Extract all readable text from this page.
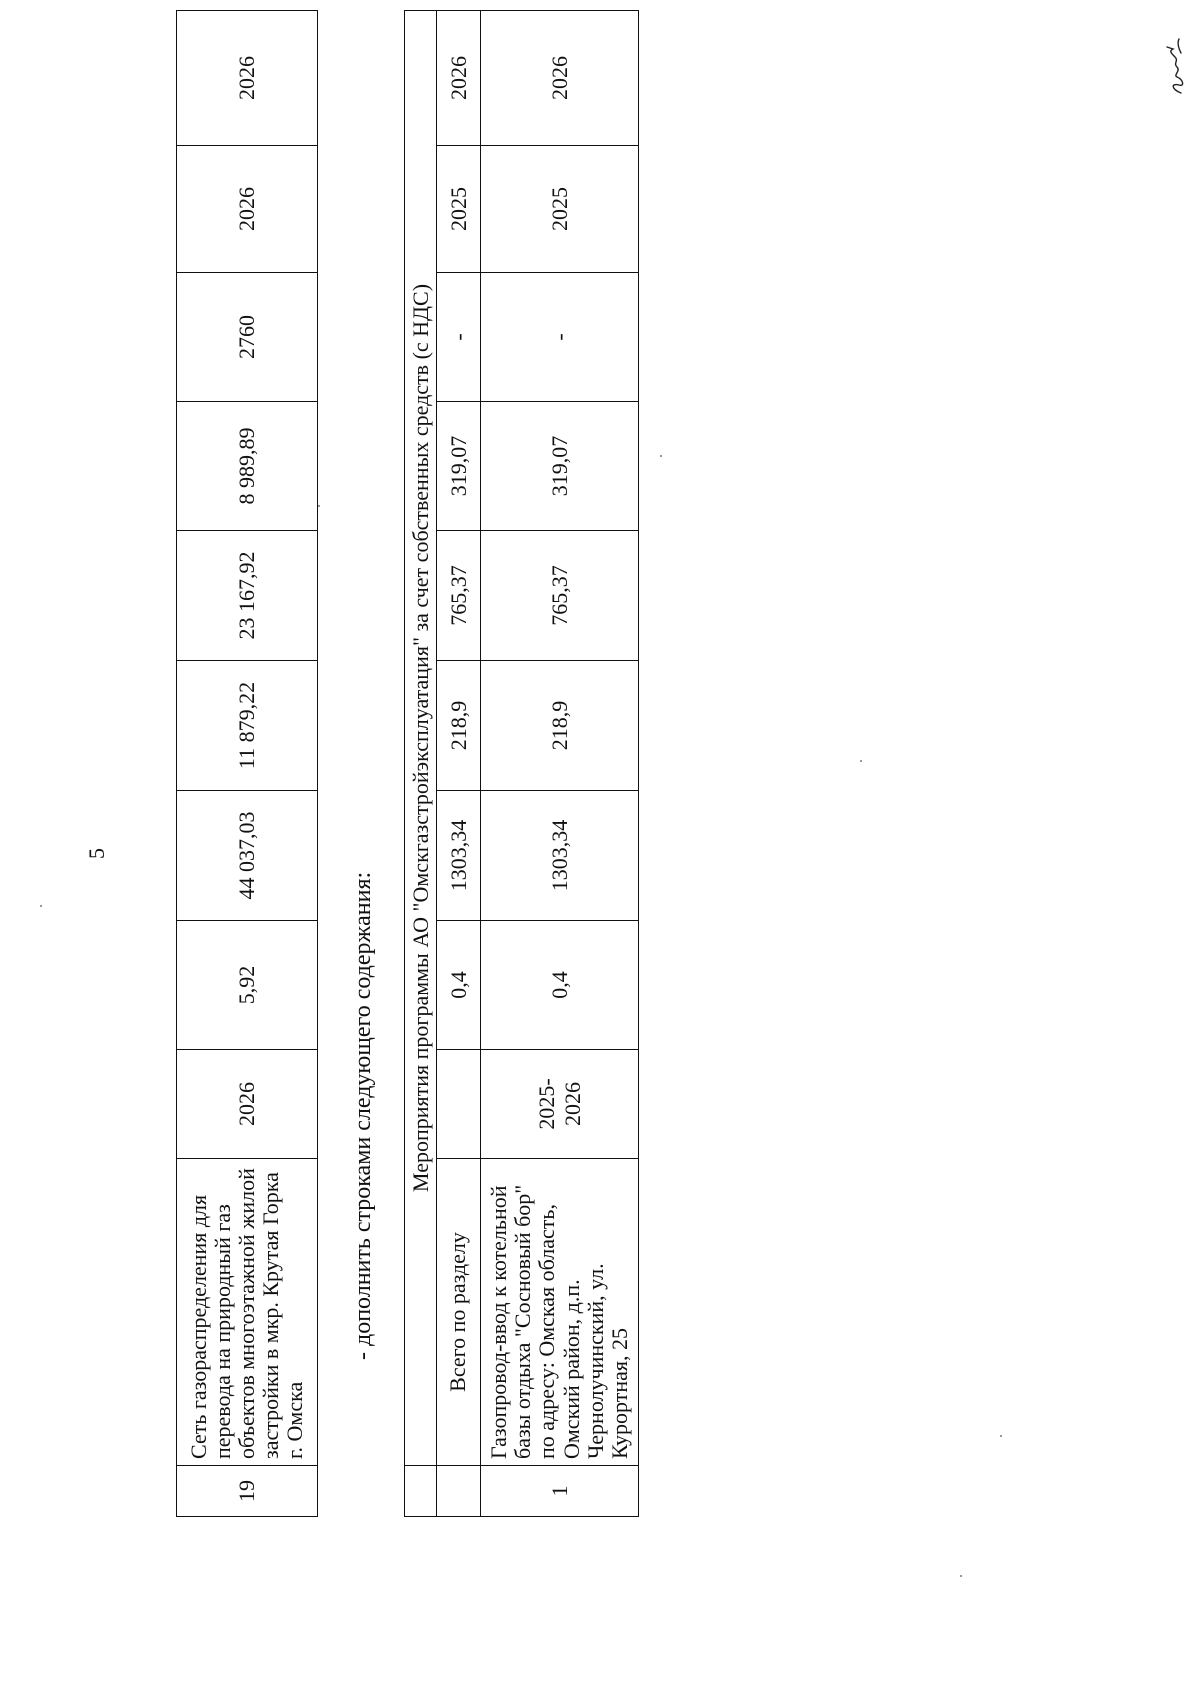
5
19	Сеть газораспределения для перевода на природный газ объектов многоэтажной жилой застройки в мкр. Крутая Горка г. Омска	2026	5,92	44 037,03	11 879,22	23 167,92	8 989,89	2760	2026	2026
- дополнить строками следующего содержания:
	Мероприятия программы АО "Омскгазстройэксплуатация" за счет собственных средств (с НДС)									
	Всего по разделу		0,4	1303,34	218,9	765,37	319,07	-	2025	2026
1	Газопровод-ввод к котельной базы отдыха "Сосновый бор" по адресу: Омская область, Омский район, д.п. Чернолучинский, ул. Курортная, 25	2025-2026	0,4	1303,34	218,9	765,37	319,07	-	2025	2026
